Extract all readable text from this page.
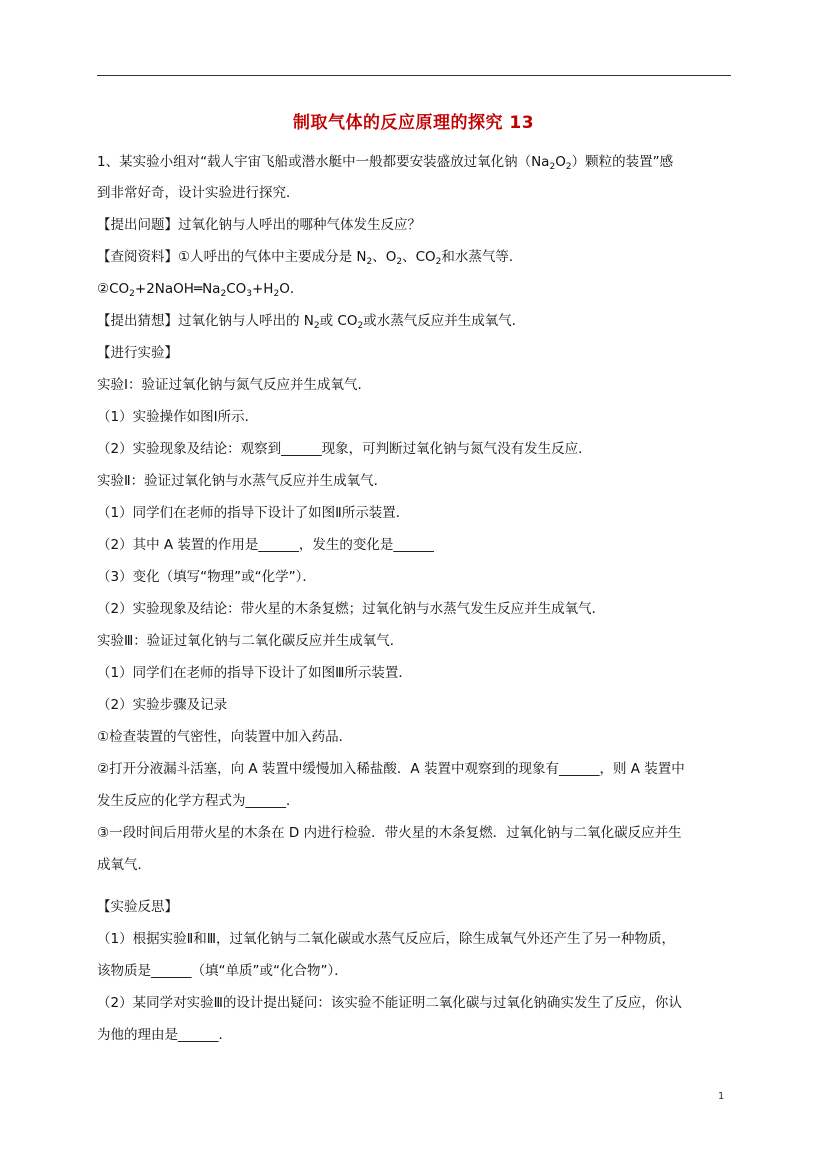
制取气体的反应原理的探究 13
1、某实验小组对“载人宇宙飞船或潜水艇中一般都要安装盛放过氧化钠$(Na_2O_2)$颗粒的装置”感
到非常好奇，设计实验进行探究．
【提出问题】过氧化钠与人呼出的哪种气体发生反应？
【查阅资料】①人呼出的气体中主要成分是 $N_2$、$O_2$、$CO_2$和水蒸气等．
$②CO_2+2NaOH═Na_2CO_3+H_2O$．
【提出猜想】过氧化钠与人呼出的 $N_2$或 $CO_2$或水蒸气反应并生成氧气．
【进行实验】
实验Ⅰ：验证过氧化钠与氮气反应并生成氧气．
（1）实验操作如图Ⅰ所示．
（2）实验现象及结论：观察到______现象，可判断过氧化钠与氮气没有发生反应．
实验Ⅱ：验证过氧化钠与水蒸气反应并生成氧气．
（1）同学们在老师的指导下设计了如图Ⅱ所示装置．
（2）其中 A 装置的作用是______，发生的变化是______
（3）变化（填写“物理”或“化学”）．
（2）实验现象及结论：带火星的木条复燃；过氧化钠与水蒸气发生反应并生成氧气．
实验Ⅲ：验证过氧化钠与二氧化碳反应并生成氧气．
（1）同学们在老师的指导下设计了如图Ⅲ所示装置．
（2）实验步骤及记录
①检查装置的气密性，向装置中加入药品．
②打开分液漏斗活塞，向 A 装置中缓慢加入稀盐酸．A 装置中观察到的现象有______，则 A 装置中
发生反应的化学方程式为______．
③一段时间后用带火星的木条在 D 内进行检验．带火星的木条复燃．过氧化钠与二氧化碳反应并生
成氧气．
【实验反思】
（1）根据实验Ⅱ和Ⅲ，过氧化钠与二氧化碳或水蒸气反应后，除生成氧气外还产生了另一种物质，
该物质是______（填“单质”或“化合物”）．
（2）某同学对实验Ⅲ的设计提出疑问：该实验不能证明二氧化碳与过氧化钠确实发生了反应，你认
为他的理由是______．
1
